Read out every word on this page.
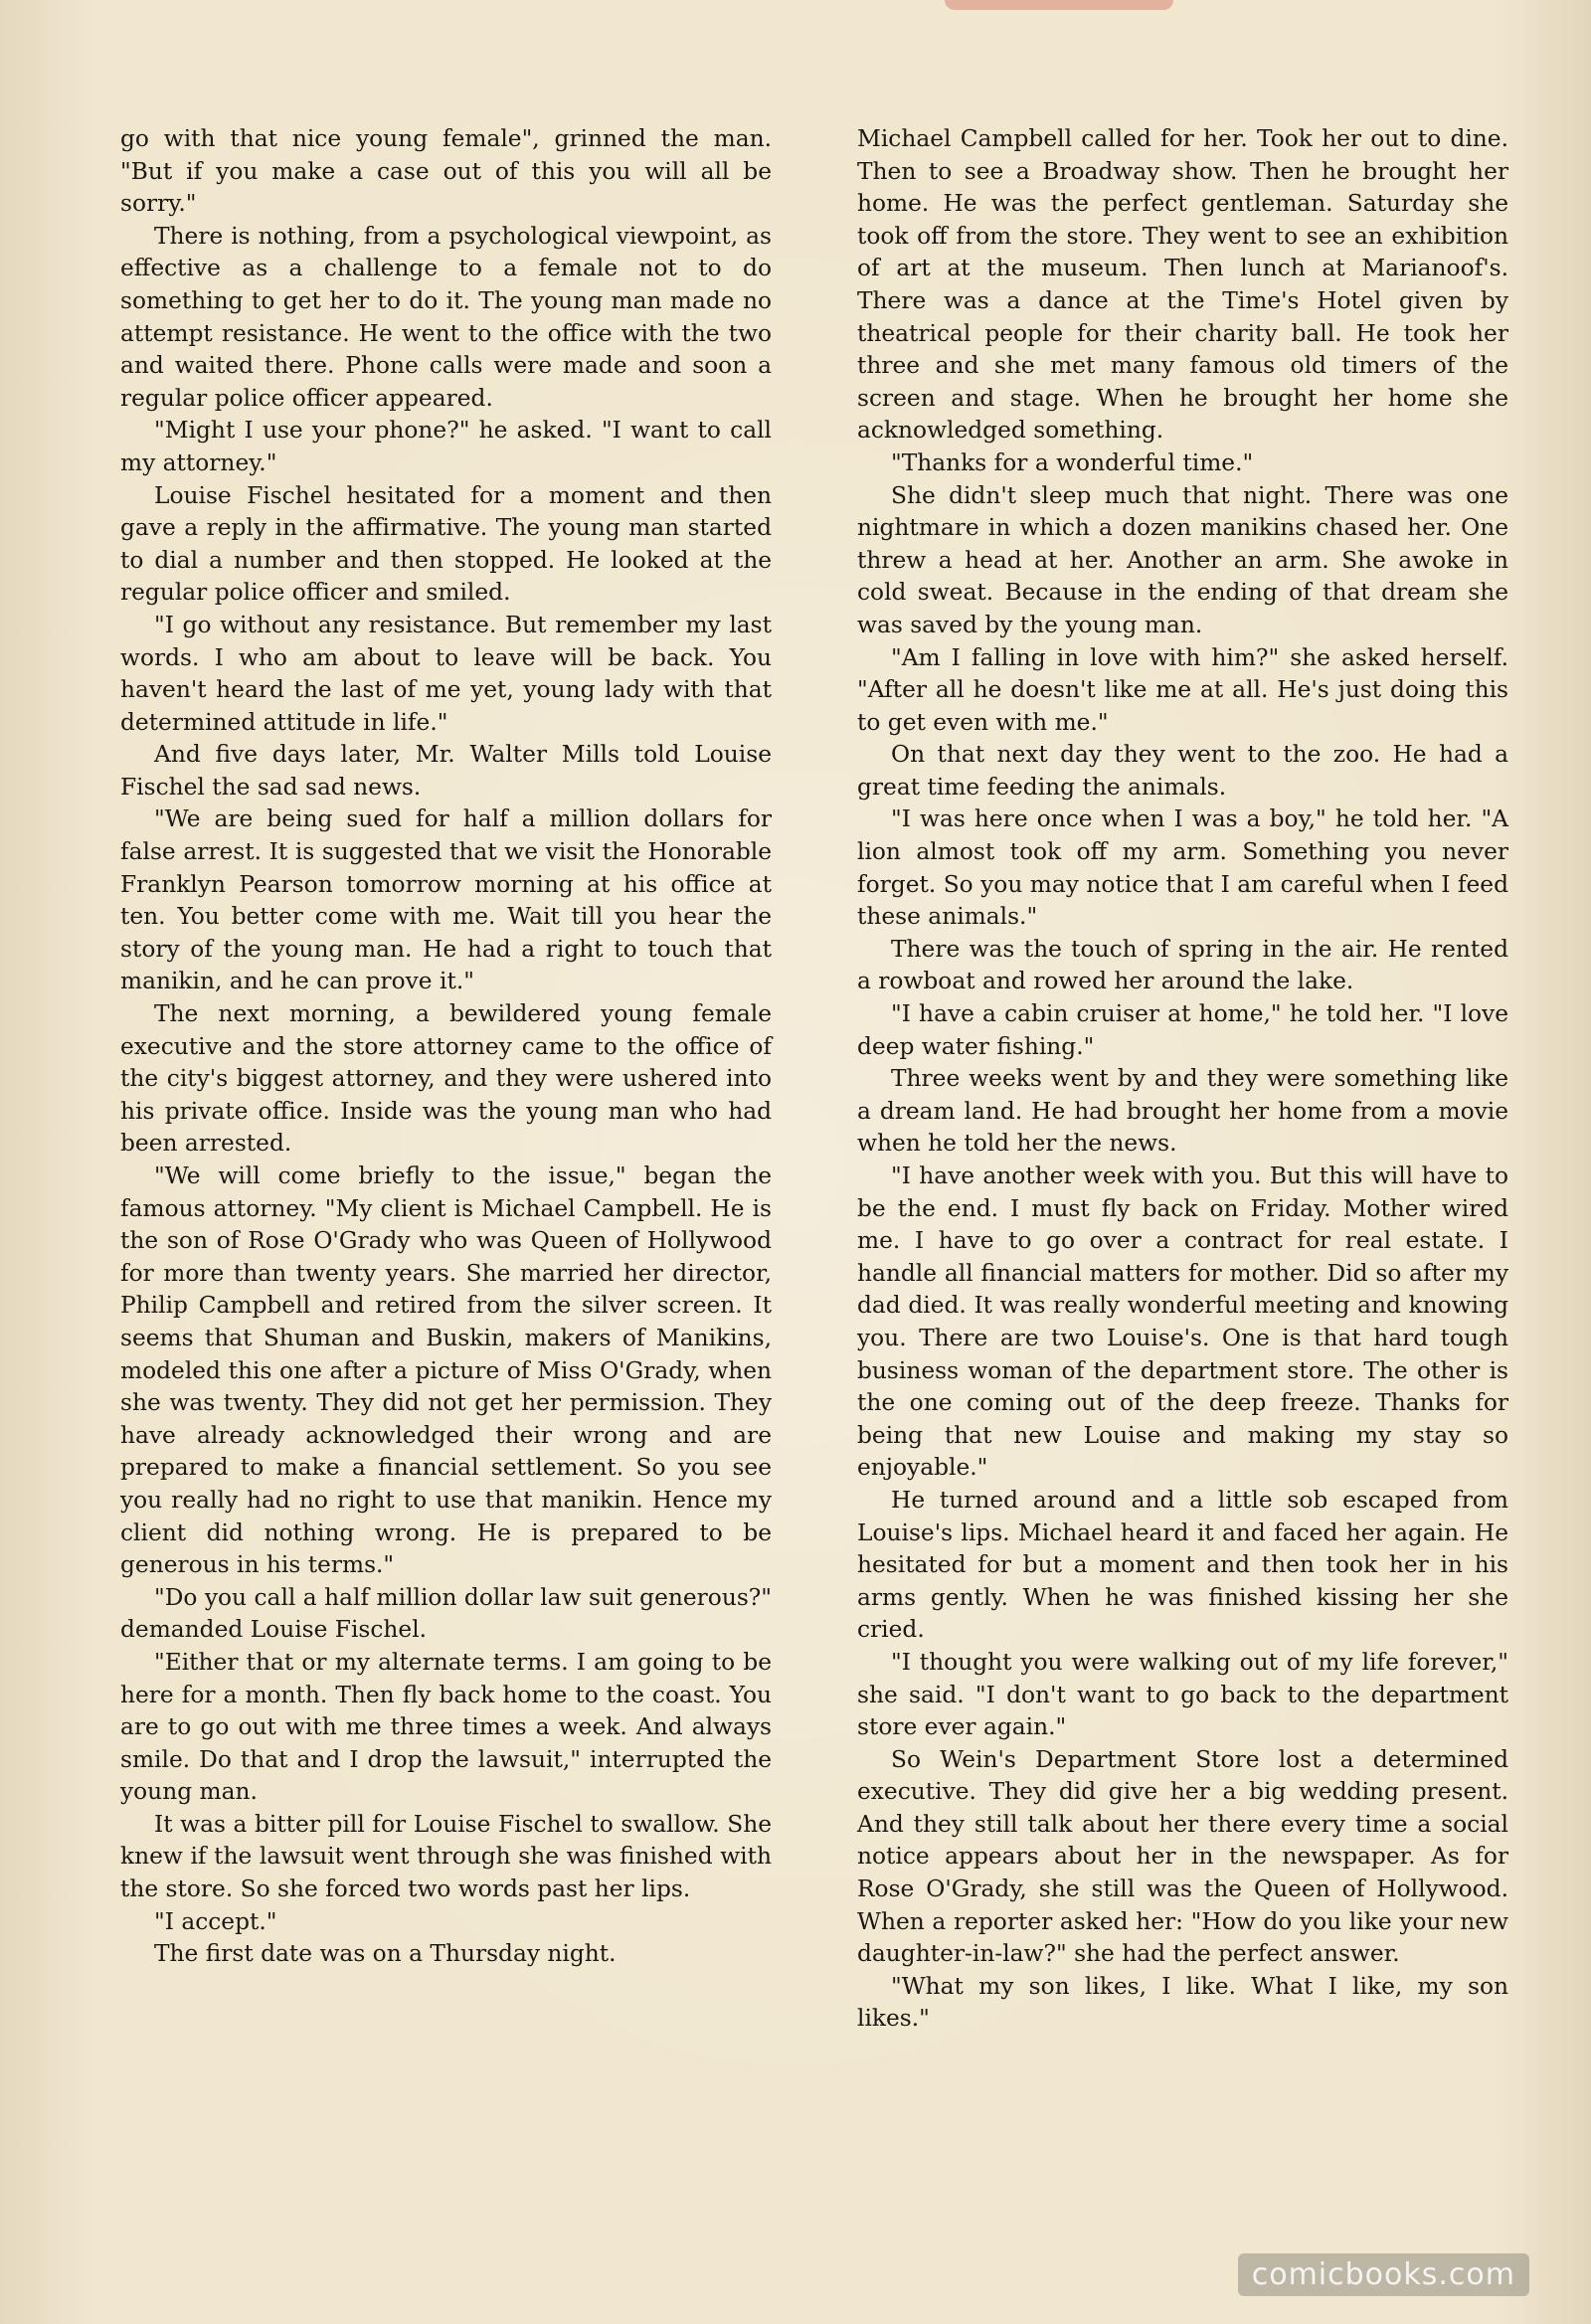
go with that nice young female", grinned the man. "But if you make a case out of this you will all be sorry."

There is nothing, from a psychological viewpoint, as effective as a challenge to a female not to do something to get her to do it. The young man made no attempt resistance. He went to the office with the two and waited there. Phone calls were made and soon a regular police officer appeared.

"Might I use your phone?" he asked. "I want to call my attorney."

Louise Fischel hesitated for a moment and then gave a reply in the affirmative. The young man started to dial a number and then stopped. He looked at the regular police officer and smiled.

"I go without any resistance. But remember my last words. I who am about to leave will be back. You haven't heard the last of me yet, young lady with that determined attitude in life."

And five days later, Mr. Walter Mills told Louise Fischel the sad sad news.

"We are being sued for half a million dollars for false arrest. It is suggested that we visit the Honorable Franklyn Pearson tomorrow morning at his office at ten. You better come with me. Wait till you hear the story of the young man. He had a right to touch that manikin, and he can prove it."

The next morning, a bewildered young female executive and the store attorney came to the office of the city's biggest attorney, and they were ushered into his private office. Inside was the young man who had been arrested.

"We will come briefly to the issue," began the famous attorney. "My client is Michael Campbell. He is the son of Rose O'Grady who was Queen of Hollywood for more than twenty years. She married her director, Philip Campbell and retired from the silver screen. It seems that Shuman and Buskin, makers of Manikins, modeled this one after a picture of Miss O'Grady, when she was twenty. They did not get her permission. They have already acknowledged their wrong and are prepared to make a financial settlement. So you see you really had no right to use that manikin. Hence my client did nothing wrong. He is prepared to be generous in his terms."

"Do you call a half million dollar law suit generous?" demanded Louise Fischel.

"Either that or my alternate terms. I am going to be here for a month. Then fly back home to the coast. You are to go out with me three times a week. And always smile. Do that and I drop the lawsuit," interrupted the young man.

It was a bitter pill for Louise Fischel to swallow. She knew if the lawsuit went through she was finished with the store. So she forced two words past her lips.

"I accept."

The first date was on a Thursday night.

Michael Campbell called for her. Took her out to dine. Then to see a Broadway show. Then he brought her home. He was the perfect gentleman. Saturday she took off from the store. They went to see an exhibition of art at the museum. Then lunch at Marianoof's. There was a dance at the Time's Hotel given by theatrical people for their charity ball. He took her three and she met many famous old timers of the screen and stage. When he brought her home she acknowledged something.

"Thanks for a wonderful time."

She didn't sleep much that night. There was one nightmare in which a dozen manikins chased her. One threw a head at her. Another an arm. She awoke in cold sweat. Because in the ending of that dream she was saved by the young man.

"Am I falling in love with him?" she asked herself. "After all he doesn't like me at all. He's just doing this to get even with me."

On that next day they went to the zoo. He had a great time feeding the animals.

"I was here once when I was a boy," he told her. "A lion almost took off my arm. Something you never forget. So you may notice that I am careful when I feed these animals."

There was the touch of spring in the air. He rented a rowboat and rowed her around the lake.

"I have a cabin cruiser at home," he told her. "I love deep water fishing."

Three weeks went by and they were something like a dream land. He had brought her home from a movie when he told her the news.

"I have another week with you. But this will have to be the end. I must fly back on Friday. Mother wired me. I have to go over a contract for real estate. I handle all financial matters for mother. Did so after my dad died. It was really wonderful meeting and knowing you. There are two Louise's. One is that hard tough business woman of the department store. The other is the one coming out of the deep freeze. Thanks for being that new Louise and making my stay so enjoyable."

He turned around and a little sob escaped from Louise's lips. Michael heard it and faced her again. He hesitated for but a moment and then took her in his arms gently. When he was finished kissing her she cried.

"I thought you were walking out of my life forever," she said. "I don't want to go back to the department store ever again."

So Wein's Department Store lost a determined executive. They did give her a big wedding present. And they still talk about her there every time a social notice appears about her in the newspaper. As for Rose O'Grady, she still was the Queen of Hollywood. When a reporter asked her: "How do you like your new daughter-in-law?" she had the perfect answer.

"What my son likes, I like. What I like, my son likes."

comicbooks.com
